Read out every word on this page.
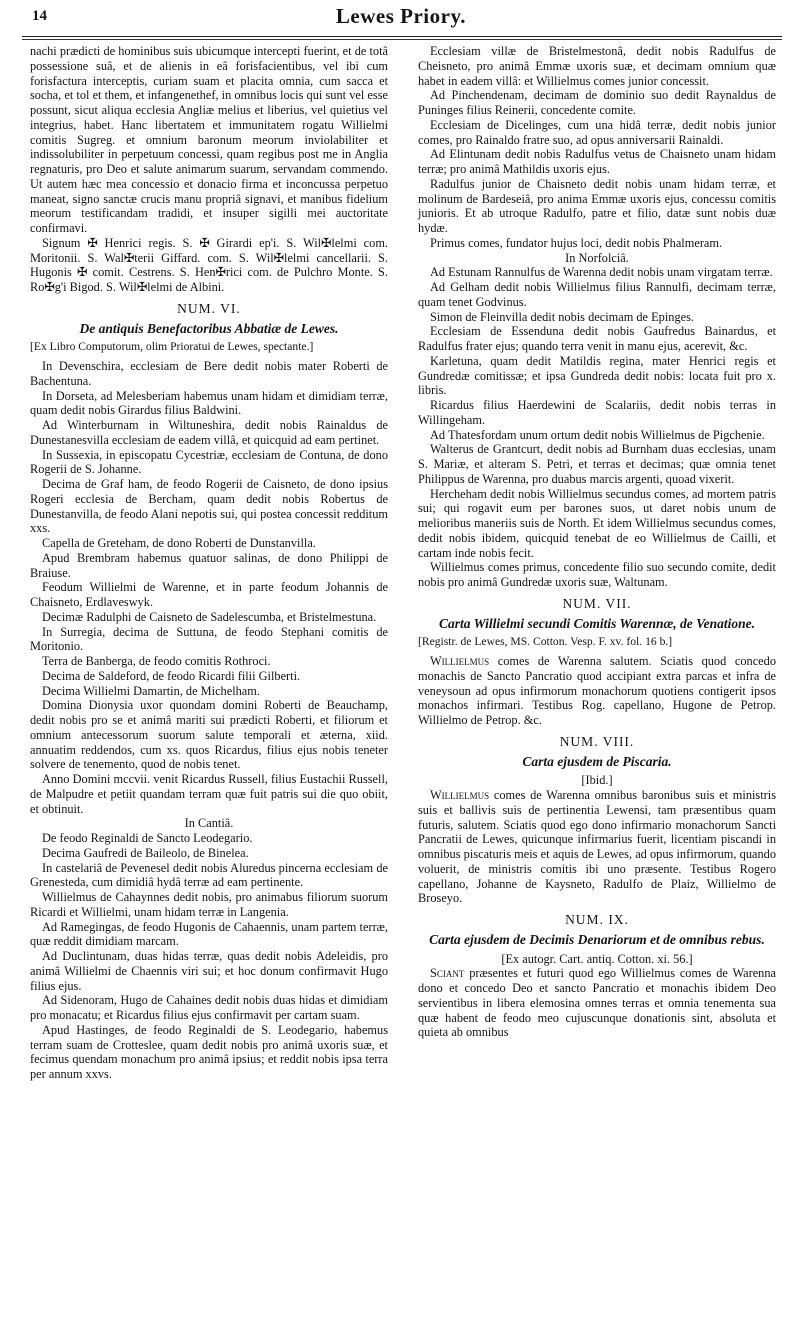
14	Lewes Priory.

nachi prædicti de hominibus suis ubicumque intercepti fuerint, et de totâ possessione suâ, et de alienis in eâ forisfacientibus, vel ibi cum forisfactura interceptis, curiam suam et placita omnia, cum sacca et socha, et tol et them, et infangenethef, in omnibus locis qui sunt vel esse possunt, sicut aliqua ecclesia Angliæ melius et liberius, vel quietius vel integrius, habet. Hanc libertatem et immunitatem rogatu Willielmi comitis Sugreg. et omnium baronum meorum inviolabiliter et indissolubiliter in perpetuum concessi, quam regibus post me in Anglia regnaturis, pro Deo et salute animarum suarum, servandam commendo. Ut autem hæc mea concessio et donacio firma et inconcussa perpetuo maneat, signo sanctæ crucis manu propriâ signavi, et manibus fidelium meorum testificandam tradidi, et insuper sigilli mei auctoritate confirmavi.

Signum ✠ Henrici regis. S. ✠ Girardi ep'i. S. Wil✠lelmi com. Moritonii. S. Wal✠terii Giffard. com. S. Wil✠lelmi cancellarii. S. Hugonis ✠ comit. Cestrens. S. Hen✠rici com. de Pulchro Monte. S. Ro✠g'i Bigod. S. Wil✠lelmi de Albini.

NUM. VI.
De antiquis Benefactoribus Abbatiæ de Lewes.

[Ex Libro Computorum, olim Prioratui de Lewes, spectante.]

In Devenschira, ecclesiam de Bere dedit nobis mater Roberti de Bachentuna.

In Dorseta, ad Melesberiam habemus unam hidam et dimidiam terræ, quam dedit nobis Girardus filius Baldwini.

Ad Winterburnam in Wiltuneshira, dedit nobis Rainaldus de Dunestanesvilla ecclesiam de eadem villâ, et quicquid ad eam pertinet.

In Sussexia, in episcopatu Cycestriæ, ecclesiam de Contuna, de dono Rogerii de S. Johanne.

Decima de Graf ham, de feodo Rogerii de Caisneto, de dono ipsius Rogeri ecclesia de Bercham, quam dedit nobis Robertus de Dunestanvilla, de feodo Alani nepotis sui, qui postea concessit redditum xxs.

Capella de Greteham, de dono Roberti de Dunstanvilla.

Apud Brembram habemus quatuor salinas, de dono Philippi de Braiuse.

Feodum Willielmi de Warenne, et in parte feodum Johannis de Chaisneto, Erdlaveswyk.

Decimæ Radulphi de Caisneto de Sadelescumba, et Bristelmestuna.

In Surregia, decima de Suttuna, de feodo Stephani comitis de Moritonio.

Terra de Banberga, de feodo comitis Rothroci.

Decima de Saldeford, de feodo Ricardi filii Gilberti.

Decima Willielmi Damartin, de Michelham.

Domina Dionysia uxor quondam domini Roberti de Beauchamp, dedit nobis pro se et animâ mariti sui prædicti Roberti, et filiorum et omnium antecessorum suorum salute temporali et æterna, xiid. annuatim reddendos, cum xs. quos Ricardus, filius ejus nobis teneter solvere de tenemento, quod de nobis tenet.

Anno Domini mccvii. venit Ricardus Russell, filius Eustachii Russell, de Malpudre et petiit quandam terram quæ fuit patris sui die quo obiit, et obtinuit.

In Cantiâ.

De feodo Reginaldi de Sancto Leodegario.

Decima Gaufredi de Baileolo, de Binelea.

In castelariâ de Pevenesel dedit nobis Aluredus pincerna ecclesiam de Grenesteda, cum dimidiâ hydâ terræ ad eam pertinente.

Willielmus de Cahaynnes dedit nobis, pro animabus filiorum suorum Ricardi et Willielmi, unam hidam terræ in Langenia.

Ad Ramegingas, de feodo Hugonis de Cahaennis, unam partem terræ, quæ reddit dimidiam marcam.

Ad Duclintunam, duas hidas terræ, quas dedit nobis Adeleidis, pro animâ Willielmi de Chaennis viri sui; et hoc donum confirmavit Hugo filius ejus.

Ad Sidenoram, Hugo de Cahaines dedit nobis duas hidas et dimidiam pro monacatu; et Ricardus filius ejus confirmavit per cartam suam.

Apud Hastinges, de feodo Reginaldi de S. Leodegario, habemus terram suam de Crotteslee, quam dedit nobis pro animâ uxoris suæ, et fecimus quendam monachum pro animâ ipsius; et reddit nobis ipsa terra per annum xxvs.

Ecclesiam villæ de Bristelmestonâ, dedit nobis Radulfus de Cheisneto, pro animâ Emmæ uxoris suæ, et decimam omnium quæ habet in eadem villâ: et Willielmus comes junior concessit.

Ad Pinchendenam, decimam de dominio suo dedit Raynaldus de Puninges filius Reinerii, concedente comite.

Ecclesiam de Dicelinges, cum una hidâ terræ, dedit nobis junior comes, pro Rainaldo fratre suo, ad opus anniversarii Rainaldi.

Ad Elintunam dedit nobis Radulfus vetus de Chaisneto unam hidam terræ; pro animâ Mathildis uxoris ejus.

Radulfus junior de Chaisneto dedit nobis unam hidam terræ, et molinum de Bardeseiâ, pro anima Emmæ uxoris ejus, concessu comitis junioris. Et ab utroque Radulfo, patre et filio, datæ sunt nobis duæ hydæ.

Primus comes, fundator hujus loci, dedit nobis Phalmeram.

In Norfolciâ.

Ad Estunam Rannulfus de Warenna dedit nobis unam virgatam terræ.

Ad Gelham dedit nobis Willielmus filius Rannulfi, decimam terræ, quam tenet Godvinus.

Simon de Fleinvilla dedit nobis decimam de Epinges.

Ecclesiam de Essenduna dedit nobis Gaufredus Bainardus, et Radulfus frater ejus; quando terra venit in manu ejus, acerevit, &c.

Karletuna, quam dedit Matildis regina, mater Henrici regis et Gundredæ comitissæ; et ipsa Gundreda dedit nobis: locata fuit pro x. libris.

Ricardus filius Haerdewini de Scalariis, dedit nobis terras in Willingeham.

Ad Thatesfordam unum ortum dedit nobis Willielmus de Pigchenie.

Walterus de Grantcurt, dedit nobis ad Burnham duas ecclesias, unam S. Mariæ, et alteram S. Petri, et terras et decimas; quæ omnia tenet Philippus de Warenna, pro duabus marcis argenti, quoad vixerit.

Hercheham dedit nobis Willielmus secundus comes, ad mortem patris sui; qui rogavit eum per barones suos, ut daret nobis unum de melioribus maneriis suis de North. Et idem Willielmus secundus comes, dedit nobis ibidem, quicquid tenebat de eo Willielmus de Cailli, et cartam inde nobis fecit.

Willielmus comes primus, concedente filio suo secundo comite, dedit nobis pro animâ Gundredæ uxoris suæ, Waltunam.

NUM. VII.
Carta Willielmi secundi Comitis Warennæ, de Venatione.

[Registr. de Lewes, MS. Cotton. Vesp. F. xv. fol. 16 b.]

Willielmus comes de Warenna salutem. Sciatis quod concedo monachis de Sancto Pancratio quod accipiant extra parcas et infra de veneysoun ad opus infirmorum monachorum quotiens contigerit ipsos monachos infirmari. Testibus Rog. capellano, Hugone de Petrop. Willielmo de Petrop. &c.

NUM. VIII.
Carta ejusdem de Piscaria.

[Ibid.]

Willielmus comes de Warenna omnibus baronibus suis et ministris suis et ballivis suis de pertinentia Lewensi, tam præsentibus quam futuris, salutem. Sciatis quod ego dono infirmario monachorum Sancti Pancratii de Lewes, quicunque infirmarius fuerit, licentiam piscandi in omnibus piscaturis meis et aquis de Lewes, ad opus infirmorum, quando voluerit, de ministris comitis ibi uno præsente. Testibus Rogero capellano, Johanne de Kaysneto, Radulfo de Plaiz, Willielmo de Broseyo.

NUM. IX.
Carta ejusdem de Decimis Denariorum et de omnibus rebus.

[Ex autogr. Cart. antiq. Cotton. xi. 56.]

Sciant præsentes et futuri quod ego Willielmus comes de Warenna dono et concedo Deo et sancto Pancratio et monachis ibidem Deo servientibus in libera elemosina omnes terras et omnia tenementa sua quæ habent de feodo meo cujuscunque donationis sint, absoluta et quieta ab omnibus
